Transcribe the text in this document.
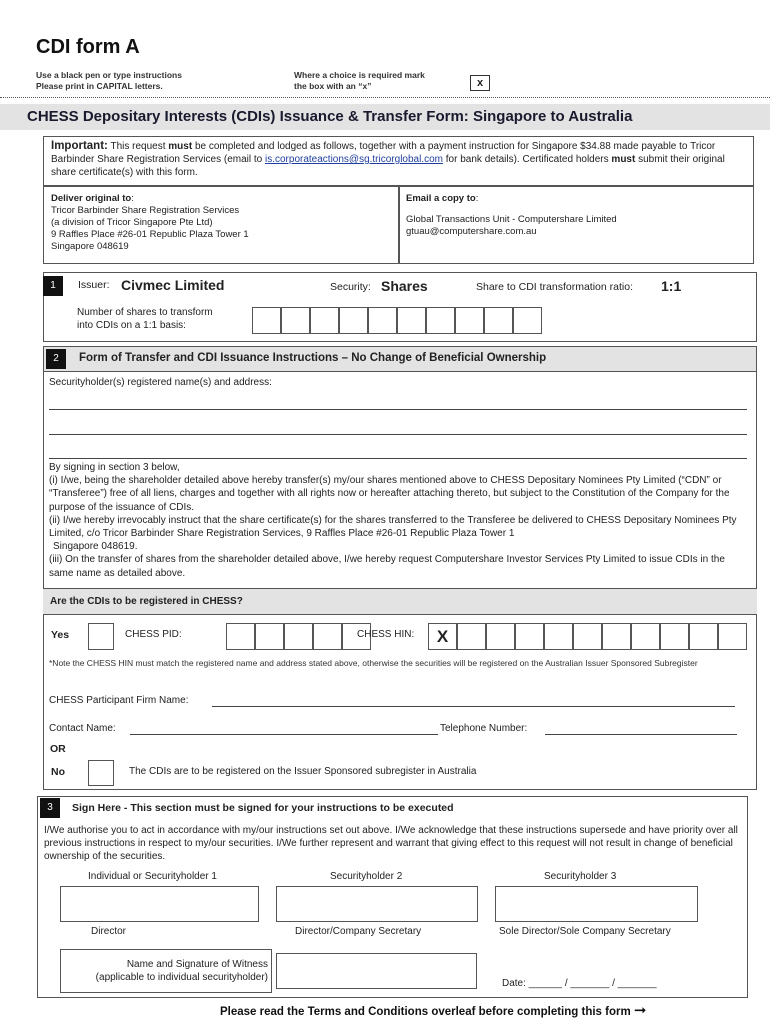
CDI form A
Use a black pen or type instructions
Please print in CAPITAL letters.
Where a choice is required mark
the box with an “x”	x
CHESS Depositary Interests (CDIs) Issuance & Transfer Form: Singapore to Australia
Important: This request must be completed and lodged as follows, together with a payment instruction for Singapore $34.88 made payable to Tricor Barbinder Share Registration Services (email to is.corporateactions@sg.tricorglobal.com for bank details). Certificated holders must submit their original share certificate(s) with this form.
Deliver original to:
Tricor Barbinder Share Registration Services
(a division of Tricor Singapore Pte Ltd)
9 Raffles Place #26-01 Republic Plaza Tower 1
Singapore 048619
Email a copy to:
Global Transactions Unit - Computershare Limited
gtuau@computershare.com.au
1	Issuer: Civmec Limited	Security: Shares	Share to CDI transformation ratio: 1:1
Number of shares to transform
into CDIs on a 1:1 basis:
2	Form of Transfer and CDI Issuance Instructions – No Change of Beneficial Ownership
Securityholder(s) registered name(s) and address:
By signing in section 3 below,
(i) I/we, being the shareholder detailed above hereby transfer(s) my/our shares mentioned above to CHESS Depositary Nominees Pty Limited (“CDN” or “Transferee”) free of all liens, charges and together with all rights now or hereafter attaching thereto, but subject to the Constitution of the Company for the purpose of the issuance of CDIs.
(ii) I/we hereby irrevocably instruct that the share certificate(s) for the shares transferred to the Transferee be delivered to CHESS Depositary Nominees Pty Limited, c/o Tricor Barbinder Share Registration Services, 9 Raffles Place #26-01 Republic Plaza Tower 1
Singapore 048619.
(iii) On the transfer of shares from the shareholder detailed above, I/we hereby request Computershare Investor Services Pty Limited to issue CDIs in the same name as detailed above.
Are the CDIs to be registered in CHESS?
Yes	CHESS PID:	CHESS HIN:	X
*Note the CHESS HIN must match the registered name and address stated above, otherwise the securities will be registered on the Australian Issuer Sponsored Subregister
CHESS Participant Firm Name:
Contact Name:	Telephone Number:
OR
No	The CDIs are to be registered on the Issuer Sponsored subregister in Australia
3	Sign Here - This section must be signed for your instructions to be executed
I/We authorise you to act in accordance with my/our instructions set out above. I/We acknowledge that these instructions supersede and have priority over all previous instructions in respect to my/our securities. I/We further represent and warrant that giving effect to this request will not result in change of beneficial ownership of the securities.
Individual or Securityholder 1	Securityholder 2	Securityholder 3
Director	Director/Company Secretary	Sole Director/Sole Company Secretary
Name and Signature of Witness
(applicable to individual securityholder)
Date: ______ / _______ / _______
Please read the Terms and Conditions overleaf before completing this form ➞
